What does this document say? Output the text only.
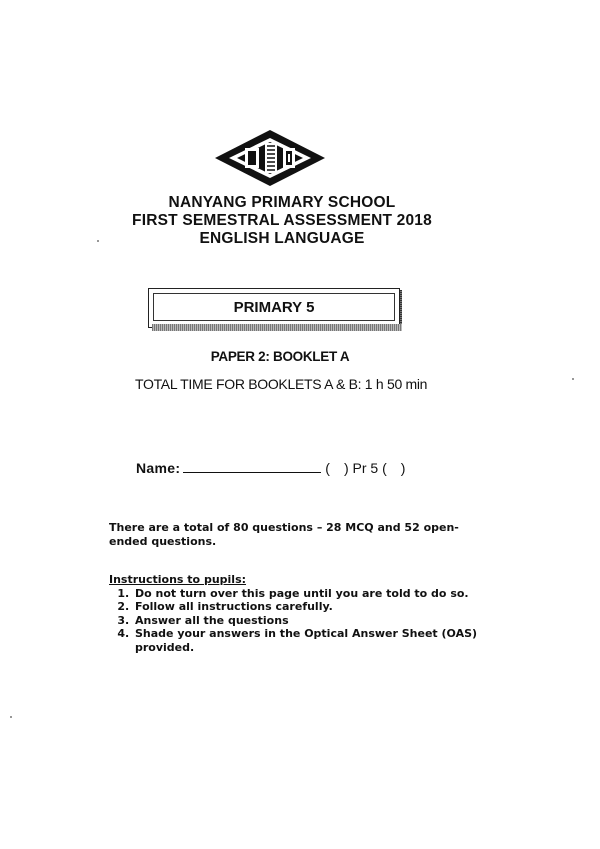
NANYANG PRIMARY SCHOOL
FIRST SEMESTRAL ASSESSMENT 2018
ENGLISH LANGUAGE
PRIMARY 5
PAPER 2: BOOKLET A
TOTAL TIME FOR BOOKLETS A & B: 1 h 50 min
Name:	( ) Pr 5 ( )
There are a total of 80 questions – 28 MCQ and 52 open-ended questions.
Instructions to pupils:
1. Do not turn over this page until you are told to do so.
2. Follow all instructions carefully.
3. Answer all the questions
4. Shade your answers in the Optical Answer Sheet (OAS) provided.
